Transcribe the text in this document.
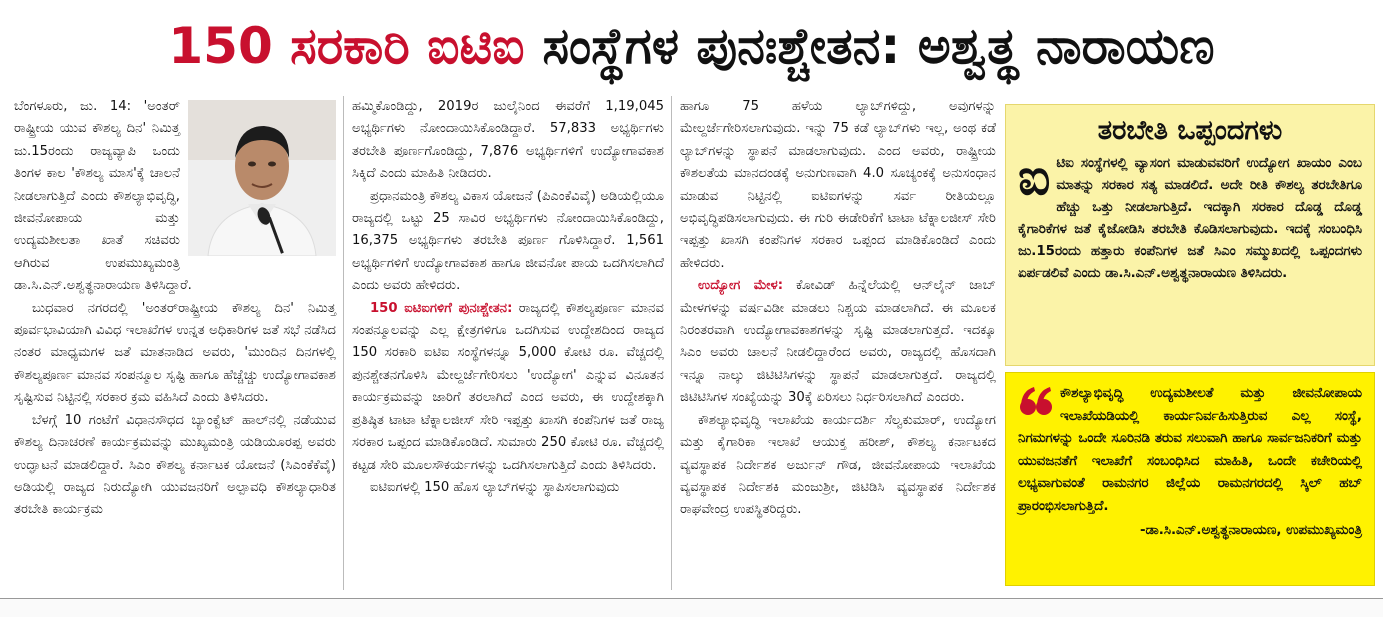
150 ಸರಕಾರಿ ಐಟಿಐ ಸಂಸ್ಥೆಗಳ ಪುನಃಶ್ಚೇತನ: ಅಶ್ವತ್ಥ ನಾರಾಯಣ

ಬೆಂಗಳೂರು, ಜು. 14: 'ಅಂತರ್ ರಾಷ್ಟ್ರೀಯ ಯುವ ಕೌಶಲ್ಯ ದಿನ' ನಿಮಿತ್ತ ಜು.15ರಂದು ರಾಜ್ಯವ್ಯಾಪಿ ಒಂದು ತಿಂಗಳ ಕಾಲ 'ಕೌಶಲ್ಯ ಮಾಸ'ಕ್ಕೆ ಚಾಲನೆ ನೀಡಲಾಗುತ್ತಿದೆ ಎಂದು ಕೌಶಲ್ಯಾಭಿವೃದ್ಧಿ, ಜೀವನೋಪಾಯ ಮತ್ತು ಉದ್ಯಮಶೀಲತಾ ಖಾತೆ ಸಚಿವರು ಆಗಿರುವ ಉಪಮುಖ್ಯಮಂತ್ರಿ ಡಾ.ಸಿ.ಎನ್.ಅಶ್ವತ್ಥನಾರಾಯಣ ತಿಳಿಸಿದ್ದಾರೆ.

ಬುಧವಾರ ನಗರದಲ್ಲಿ 'ಅಂತರ್‌ರಾಷ್ಟ್ರೀಯ ಕೌಶಲ್ಯ ದಿನ' ನಿಮಿತ್ತ ಪೂರ್ವಭಾವಿಯಾಗಿ ವಿವಿಧ ಇಲಾಖೆಗಳ ಉನ್ನತ ಅಧಿಕಾರಿಗಳ ಜತೆ ಸಭೆ ನಡೆಸಿದ ನಂತರ ಮಾಧ್ಯಮಗಳ ಜತೆ ಮಾತನಾಡಿದ ಅವರು, 'ಮುಂದಿನ ದಿನಗಳಲ್ಲಿ ಕೌಶಲ್ಯಪೂರ್ಣ ಮಾನವ ಸಂಪನ್ಮೂಲ ಸೃಷ್ಟಿ ಹಾಗೂ ಹೆಚ್ಚೆಚ್ಚು ಉದ್ಯೋಗಾವಕಾಶ ಸೃಷ್ಟಿಸುವ ನಿಟ್ಟಿನಲ್ಲಿ ಸರಕಾರ ಕ್ರಮ ವಹಿಸಿದೆ ಎಂದು ತಿಳಿಸಿದರು.

ಬೆಳಗ್ಗೆ 10 ಗಂಟೆಗೆ ವಿಧಾನಸೌಧದ ಬ್ಯಾಂಕ್ವೆಟ್ ಹಾಲ್‌ನಲ್ಲಿ ನಡೆಯುವ ಕೌಶಲ್ಯ ದಿನಾಚರಣೆ ಕಾರ್ಯಕ್ರಮವನ್ನು ಮುಖ್ಯಮಂತ್ರಿ ಯಡಿಯೂರಪ್ಪ ಅವರು ಉದ್ಘಾಟನೆ ಮಾಡಲಿದ್ದಾರೆ. ಸಿಎಂ ಕೌಶಲ್ಯ ಕರ್ನಾಟಕ ಯೋಜನೆ (ಸಿಎಂಕೆಕೆವೈ) ಅಡಿಯಲ್ಲಿ ರಾಜ್ಯದ ನಿರುದ್ಯೋಗಿ ಯುವಜನರಿಗೆ ಅಲ್ಪಾವಧಿ ಕೌಶಲ್ಯಾಧಾರಿತ ತರಬೇತಿ ಕಾರ್ಯಕ್ರಮ

ಹಮ್ಮಿಕೊಂಡಿದ್ದು, 2019ರ ಜುಲೈನಿಂದ ಈವರೆಗೆ 1,19,045 ಅಭ್ಯರ್ಥಿಗಳು ನೋಂದಾಯಿಸಿಕೊಂಡಿದ್ದಾರೆ. 57,833 ಅಭ್ಯರ್ಥಿಗಳು ತರಬೇತಿ ಪೂರ್ಣಗೊಂಡಿದ್ದು, 7,876 ಅಭ್ಯರ್ಥಿಗಳಿಗೆ ಉದ್ಯೋಗಾವಕಾಶ ಸಿಕ್ಕಿದೆ ಎಂದು ಮಾಹಿತಿ ನೀಡಿದರು.

ಪ್ರಧಾನಮಂತ್ರಿ ಕೌಶಲ್ಯ ವಿಕಾಸ ಯೋಜನೆ (ಪಿಎಂಕೆವಿವೈ) ಅಡಿಯಲ್ಲಿಯೂ ರಾಜ್ಯದಲ್ಲಿ ಒಟ್ಟು 25 ಸಾವಿರ ಅಭ್ಯರ್ಥಿಗಳು ನೋಂದಾಯಿಸಿಕೊಂಡಿದ್ದು, 16,375 ಅಭ್ಯರ್ಥಿಗಳು ತರಬೇತಿ ಪೂರ್ಣ ಗೊಳಿಸಿದ್ದಾರೆ. 1,561 ಅಭ್ಯರ್ಥಿಗಳಿಗೆ ಉದ್ಯೋಗಾವಕಾಶ ಹಾಗೂ ಜೀವನೋ ಪಾಯ ಒದಗಿಸಲಾಗಿದೆ ಎಂದು ಅವರು ಹೇಳಿದರು.

150 ಐಟಿಐಗಳಿಗೆ ಪುನಃಶ್ಚೇತನ: ರಾಜ್ಯದಲ್ಲಿ ಕೌಶಲ್ಯಪೂರ್ಣ ಮಾನವ ಸಂಪನ್ಮೂಲವನ್ನು ಎಲ್ಲ ಕ್ಷೇತ್ರಗಳಿಗೂ ಒದಗಿಸುವ ಉದ್ದೇಶದಿಂದ ರಾಜ್ಯದ 150 ಸರಕಾರಿ ಐಟಿಐ ಸಂಸ್ಥೆಗಳನ್ನೂ 5,000 ಕೋಟಿ ರೂ. ವೆಚ್ಚದಲ್ಲಿ ಪುನಶ್ಚೇತನಗೊಳಿಸಿ ಮೇಲ್ದರ್ಜೆಗೇರಿಸಲು 'ಉದ್ಯೋಗ' ಎನ್ನುವ ವಿನೂತನ ಕಾರ್ಯಕ್ರಮವನ್ನು ಜಾರಿಗೆ ತರಲಾಗಿದೆ ಎಂದ ಅವರು, ಈ ಉದ್ದೇಶಕ್ಕಾಗಿ ಪ್ರತಿಷ್ಠಿತ ಟಾಟಾ ಟೆಕ್ನಾಲಜೀಸ್ ಸೇರಿ ಇಪ್ಪತ್ತು ಖಾಸಗಿ ಕಂಪೆನಿಗಳ ಜತೆ ರಾಜ್ಯ ಸರಕಾರ ಒಪ್ಪಂದ ಮಾಡಿಕೊಂಡಿದೆ. ಸುಮಾರು 250 ಕೋಟಿ ರೂ. ವೆಚ್ಚದಲ್ಲಿ ಕಟ್ಟಡ ಸೇರಿ ಮೂಲಸೌಕರ್ಯಗಳನ್ನು ಒದಗಿಸಲಾಗುತ್ತಿದೆ ಎಂದು ತಿಳಿಸಿದರು.

ಐಟಿಐಗಳಲ್ಲಿ 150 ಹೊಸ ಲ್ಯಾಬ್‌ಗಳನ್ನು ಸ್ಥಾಪಿಸಲಾಗುವುದು

ಹಾಗೂ 75 ಹಳೆಯ ಲ್ಯಾಬ್‌ಗಳಿದ್ದು, ಅವುಗಳನ್ನು ಮೇಲ್ದರ್ಜೆಗೇರಿಸಲಾಗುವುದು. ಇನ್ನು 75 ಕಡೆ ಲ್ಯಾಬ್‌ಗಳು ಇಲ್ಲ, ಅಂಥ ಕಡೆ ಲ್ಯಾಬ್‌ಗಳನ್ನು ಸ್ಥಾಪನೆ ಮಾಡಲಾಗುವುದು. ಎಂದ ಅವರು, ರಾಷ್ಟ್ರೀಯ ಕೌಶಲತೆಯ ಮಾನದಂಡಕ್ಕೆ ಅನುಗುಣವಾಗಿ 4.0 ಸೂಚ್ಯಂಕಕ್ಕೆ ಅನುಸಂಧಾನ ಮಾಡುವ ನಿಟ್ಟಿನಲ್ಲಿ ಐಟಿಐಗಳನ್ನು ಸರ್ವ ರೀತಿಯಲ್ಲೂ ಅಭಿವೃದ್ಧಿಪಡಿಸಲಾಗುವುದು. ಈ ಗುರಿ ಈಡೇರಿಕೆಗೆ ಟಾಟಾ ಟೆಕ್ನಾಲಜೀಸ್ ಸೇರಿ ಇಪ್ಪತ್ತು ಖಾಸಗಿ ಕಂಪೆನಿಗಳ ಸರಕಾರ ಒಪ್ಪಂದ ಮಾಡಿಕೊಂಡಿದೆ ಎಂದು ಹೇಳಿದರು.

ಉದ್ಯೋಗ ಮೇಳ: ಕೋವಿಡ್ ಹಿನ್ನೆಲೆಯಲ್ಲಿ ಆನ್‌ಲೈನ್ ಜಾಬ್ ಮೇಳಗಳನ್ನು ವರ್ಷವಿಡೀ ಮಾಡಲು ನಿಶ್ಚಯ ಮಾಡಲಾಗಿದೆ. ಈ ಮೂಲಕ ನಿರಂತರವಾಗಿ ಉದ್ಯೋಗಾವಕಾಶಗಳನ್ನು ಸೃಷ್ಟಿ ಮಾಡಲಾಗುತ್ತದೆ. ಇದಕ್ಕೂ ಸಿಎಂ ಅವರು ಚಾಲನೆ ನೀಡಲಿದ್ದಾರೆಂದ ಅವರು, ರಾಜ್ಯದಲ್ಲಿ ಹೊಸದಾಗಿ ಇನ್ನೂ ನಾಲ್ಕು ಜಿಟಿಟಿಸಿಗಳನ್ನು ಸ್ಥಾಪನೆ ಮಾಡಲಾಗುತ್ತದೆ. ರಾಜ್ಯದಲ್ಲಿ ಜಿಟಿಟಿಸಿಗಳ ಸಂಖ್ಯೆಯನ್ನು 30ಕ್ಕೆ ಏರಿಸಲು ನಿರ್ಧರಿಸಲಾಗಿದೆ ಎಂದರು.

ಕೌಶಲ್ಯಾಭಿವೃದ್ಧಿ ಇಲಾಖೆಯ ಕಾರ್ಯದರ್ಶಿ ಸೆಲ್ವಕುಮಾರ್, ಉದ್ಯೋಗ ಮತ್ತು ಕೈಗಾರಿಕಾ ಇಲಾಖೆ ಆಯುಕ್ತ ಹರೀಶ್, ಕೌಶಲ್ಯ ಕರ್ನಾಟಕದ ವ್ಯವಸ್ಥಾಪಕ ನಿರ್ದೇಶಕ ಅರ್ಜುನ್ ಗೌಡ, ಜೀವನೋಪಾಯ ಇಲಾಖೆಯ ವ್ಯವಸ್ಥಾಪಕ ನಿರ್ದೇಶಕಿ ಮಂಜುಶ್ರೀ, ಜಿಟಿಡಿಸಿ ವ್ಯವಸ್ಥಾಪಕ ನಿರ್ದೇಶಕ ರಾಘವೇಂದ್ರ ಉಪಸ್ಥಿತರಿದ್ದರು.

ತರಬೇತಿ ಒಪ್ಪಂದಗಳು
ಐ ಟಿಐ ಸಂಸ್ಥೆಗಳಲ್ಲಿ ವ್ಯಾಸಂಗ ಮಾಡುವವರಿಗೆ ಉದ್ಯೋಗ ಖಾಯಂ ಎಂಬ ಮಾತನ್ನು ಸರಕಾರ ಸತ್ಯ ಮಾಡಲಿದೆ. ಅದೇ ರೀತಿ ಕೌಶಲ್ಯ ತರಬೇತಿಗೂ ಹೆಚ್ಚು ಒತ್ತು ನೀಡಲಾಗುತ್ತಿದೆ. ಇದಕ್ಕಾಗಿ ಸರಕಾರ ದೊಡ್ಡ ದೊಡ್ಡ ಕೈಗಾರಿಕೆಗಳ ಜತೆ ಕೈಜೋಡಿಸಿ ತರಬೇತಿ ಕೊಡಿಸಲಾಗುವುದು. ಇದಕ್ಕೆ ಸಂಬಂಧಿಸಿ ಜು.15ರಂದು ಹತ್ತಾರು ಕಂಪೆನಿಗಳ ಜತೆ ಸಿಎಂ ಸಮ್ಮುಖದಲ್ಲಿ ಒಪ್ಪಂದಗಳು ಏರ್ಪಡಲಿವೆ ಎಂದು ಡಾ.ಸಿ.ಎನ್.ಅಶ್ವತ್ಥನಾರಾಯಣ ತಿಳಿಸಿದರು.
ಕೌಶಲ್ಯಾಭಿವೃದ್ಧಿ ಉದ್ಯಮಶೀಲತೆ ಮತ್ತು ಜೀವನೋಪಾಯ ಇಲಾಖೆಯಡಿಯಲ್ಲಿ ಕಾರ್ಯನಿರ್ವಹಿಸುತ್ತಿರುವ ಎಲ್ಲ ಸಂಸ್ಥೆ, ನಿಗಮಗಳನ್ನು ಒಂದೇ ಸೂರಿನಡಿ ತರುವ ಸಲುವಾಗಿ ಹಾಗೂ ಸಾರ್ವಜನಿಕರಿಗೆ ಮತ್ತು ಯುವಜನತೆಗೆ ಇಲಾಖೆಗೆ ಸಂಬಂಧಿಸಿದ ಮಾಹಿತಿ, ಒಂದೇ ಕಚೇರಿಯಲ್ಲಿ ಲಭ್ಯವಾಗುವಂತೆ ರಾಮನಗರ ಜಿಲ್ಲೆಯ ರಾಮನಗರದಲ್ಲಿ ಸ್ಕಿಲ್ ಹಬ್ ಪ್ರಾರಂಭಿಸಲಾಗುತ್ತಿದೆ.
-ಡಾ.ಸಿ.ಎನ್.ಅಶ್ವತ್ಥನಾರಾಯಣ, ಉಪಮುಖ್ಯಮಂತ್ರಿ
